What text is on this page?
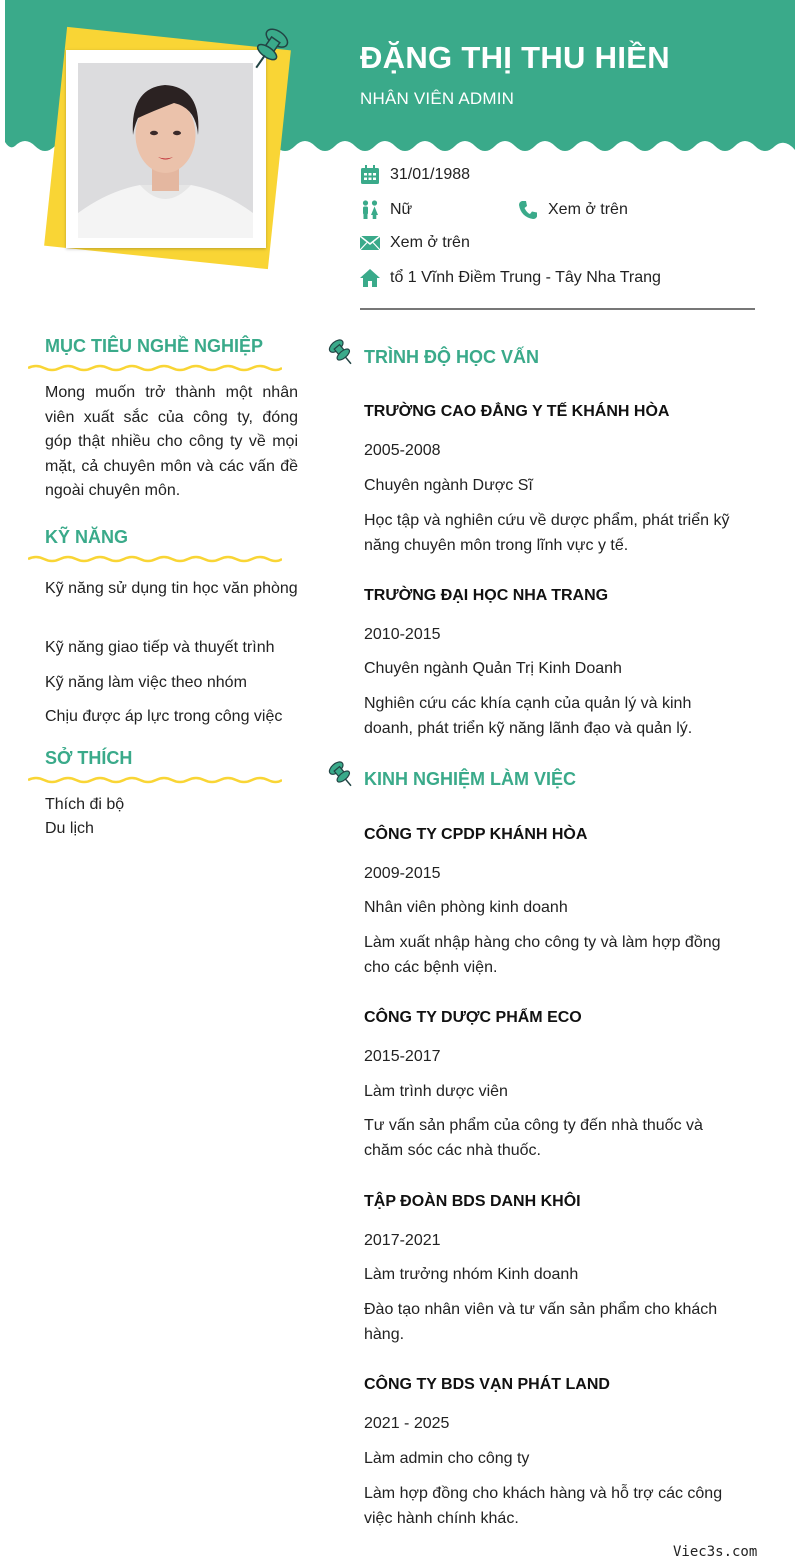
ĐẶNG THỊ THU HIỀN
NHÂN VIÊN ADMIN
31/01/1988
Nữ	Xem ở trên
Xem ở trên
tổ 1 Vĩnh Điềm Trung - Tây Nha Trang
MỤC TIÊU NGHỀ NGHIỆP
Mong muốn trở thành một nhân viên xuất sắc của công ty, đóng góp thật nhiều cho công ty về mọi mặt, cả chuyên môn và các vấn đề ngoài chuyên môn.
KỸ NĂNG
Kỹ năng sử dụng tin học văn phòng
Kỹ năng giao tiếp và thuyết trình
Kỹ năng làm việc theo nhóm
Chịu được áp lực trong công việc
SỞ THÍCH
Thích đi bộ
Du lịch
TRÌNH ĐỘ HỌC VẤN
TRƯỜNG CAO ĐẲNG Y TẾ KHÁNH HÒA
2005-2008
Chuyên ngành Dược Sĩ
Học tập và nghiên cứu về dược phẩm, phát triển kỹ năng chuyên môn trong lĩnh vực y tế.
TRƯỜNG ĐẠI HỌC NHA TRANG
2010-2015
Chuyên ngành Quản Trị Kinh Doanh
Nghiên cứu các khía cạnh của quản lý và kinh doanh, phát triển kỹ năng lãnh đạo và quản lý.
KINH NGHIỆM LÀM VIỆC
CÔNG TY CPDP KHÁNH HÒA
2009-2015
Nhân viên phòng kinh doanh
Làm xuất nhập hàng cho công ty và làm hợp đồng cho các bệnh viện.
CÔNG TY DƯỢC PHẨM ECO
2015-2017
Làm trình dược viên
Tư vấn sản phẩm của công ty đến nhà thuốc và chăm sóc các nhà thuốc.
TẬP ĐOÀN BDS DANH KHÔI
2017-2021
Làm trưởng nhóm Kinh doanh
Đào tạo nhân viên và tư vấn sản phẩm cho khách hàng.
CÔNG TY BDS VẠN PHÁT LAND
2021 - 2025
Làm admin cho công ty
Làm hợp đồng cho khách hàng và hỗ trợ các công việc hành chính khác.
Viec3s.com
